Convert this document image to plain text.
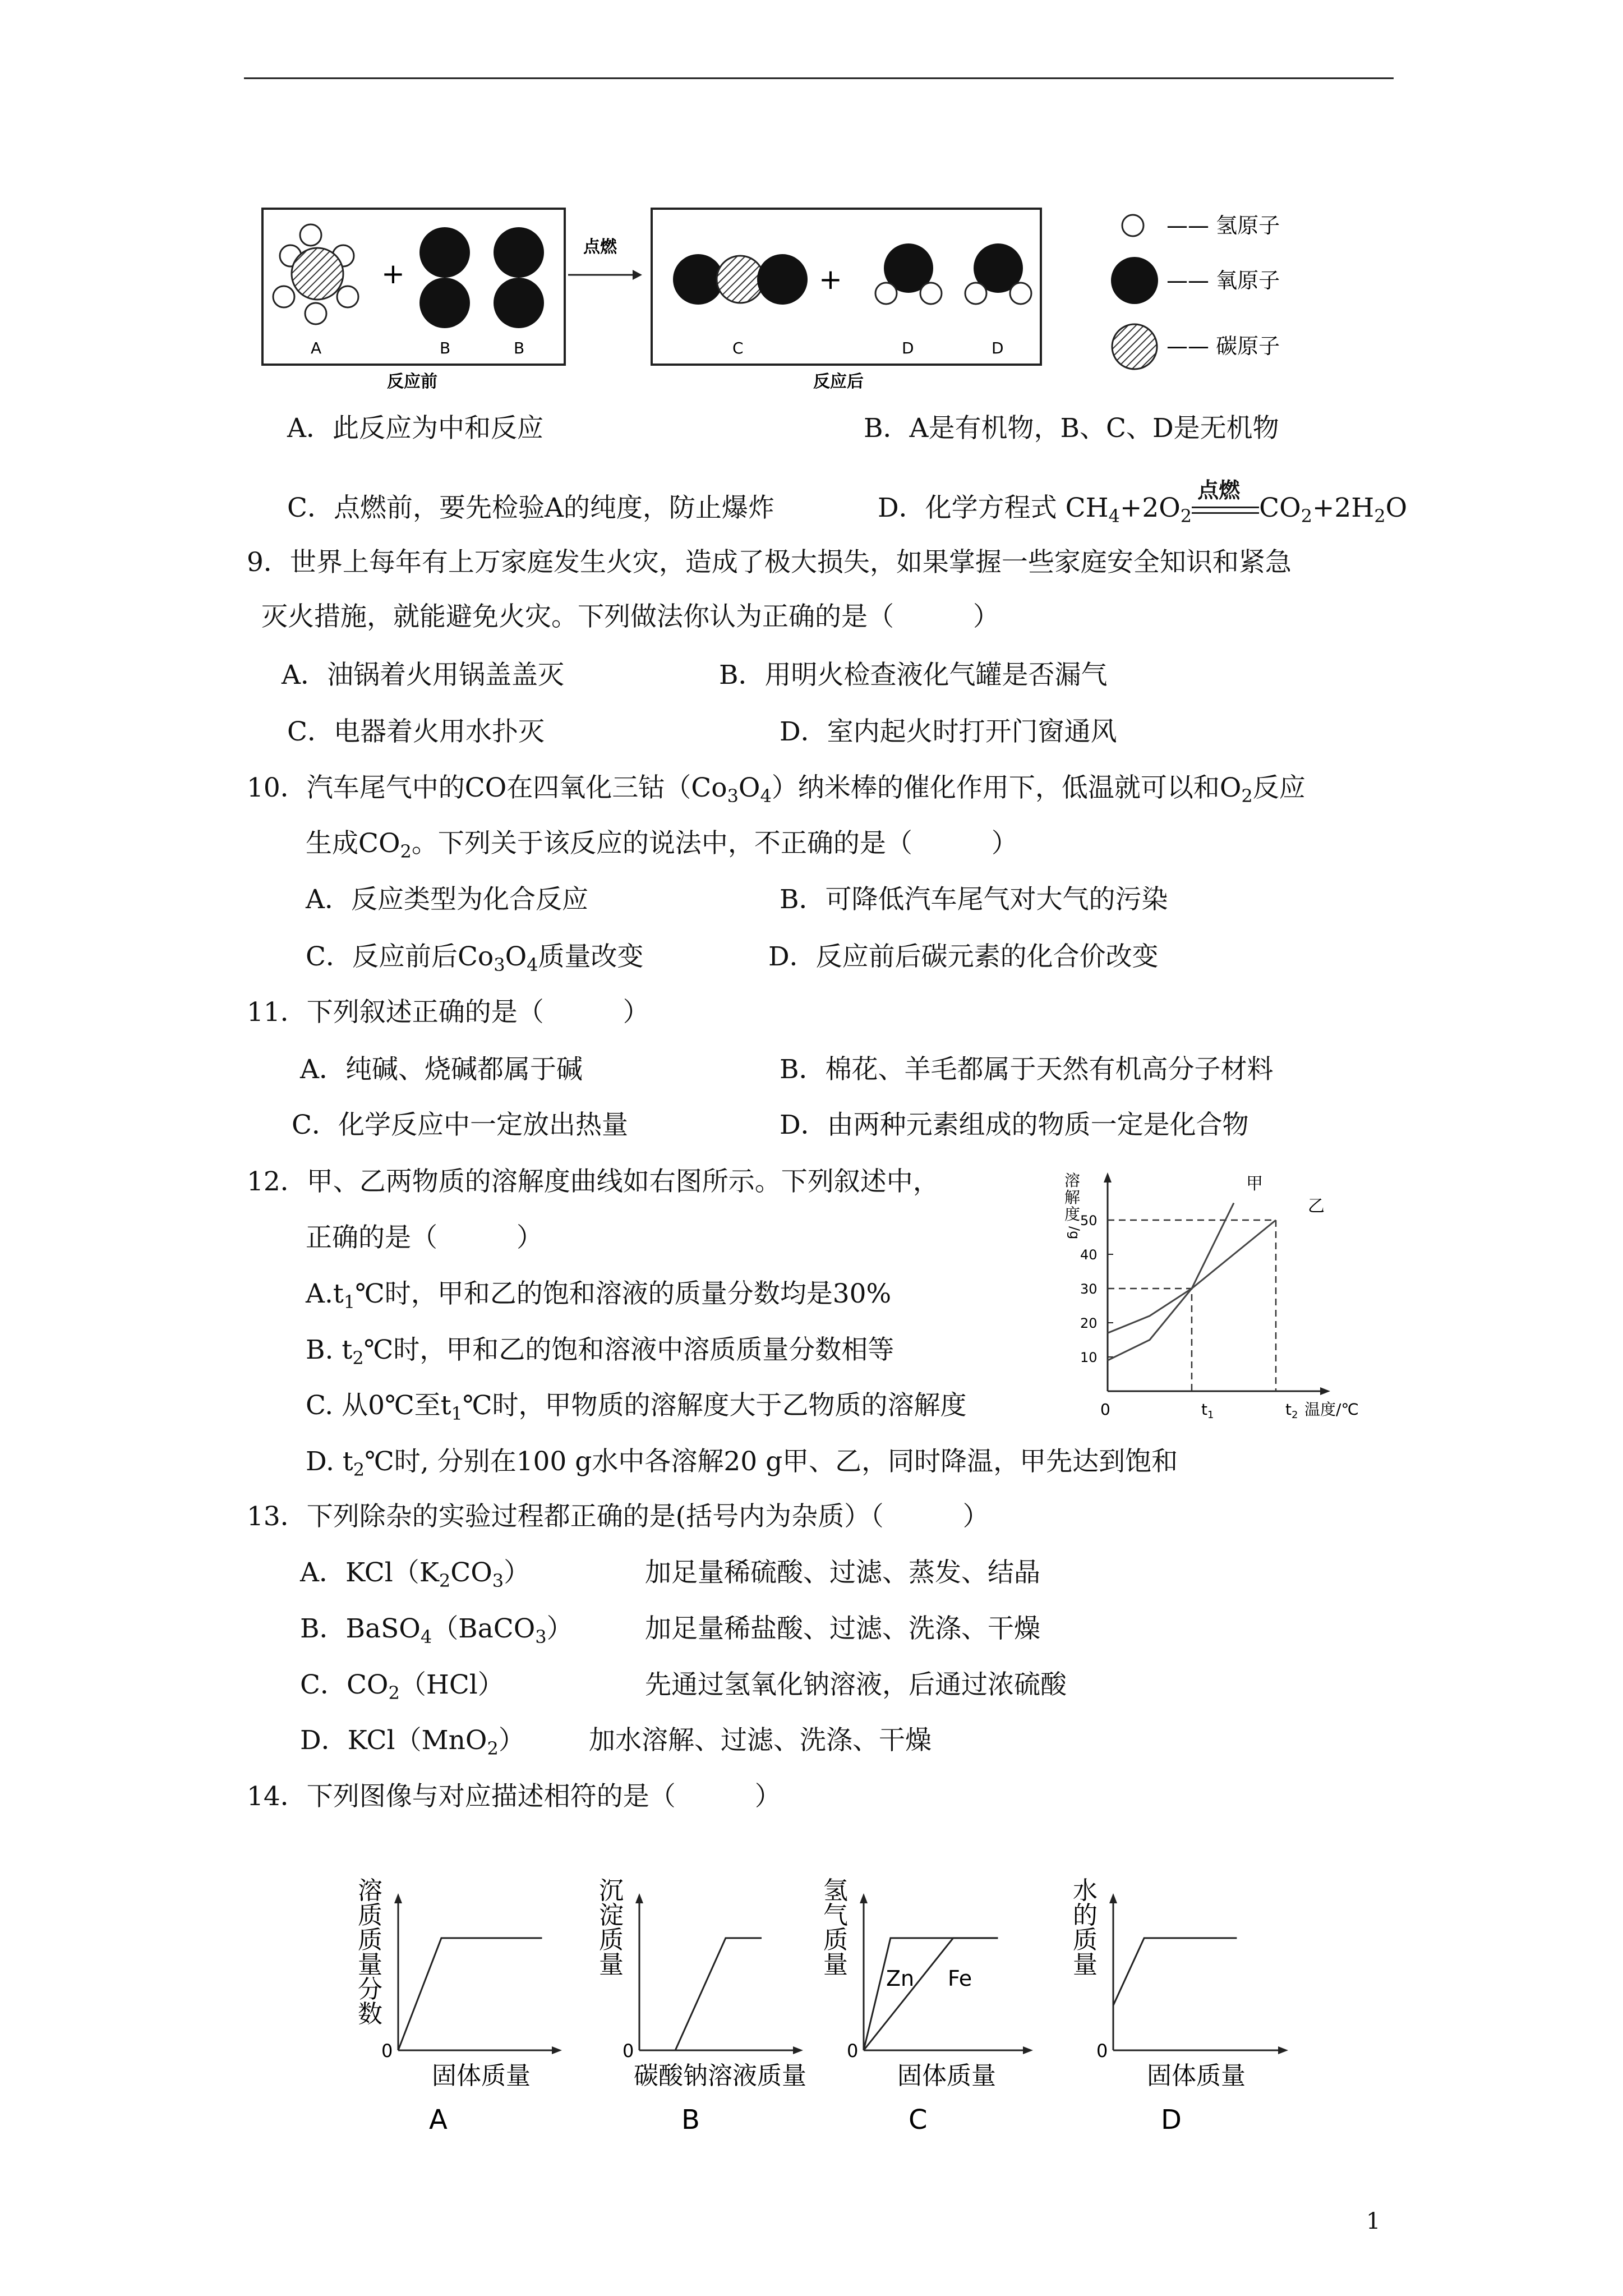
+
点燃
+
A	B	B	C	D	D
反应前	反应后
—— 氢原子
—— 氧原子
—— 碳原子
A．此反应为中和反应	B．A是有机物，B、C、D是无机物
C．点燃前，要先检验A的纯度，防止爆炸	D．化学方程式 $CH_4+2O_2$
点燃
$CO_2+2H_2O$
9．世界上每年有上万家庭发生火灾，造成了极大损失，如果掌握一些家庭安全知识和紧急
灭火措施，就能避免火灾。下列做法你认为正确的是（　　　）
A．油锅着火用锅盖盖灭	B．用明火检查液化气罐是否漏气
C．电器着火用水扑灭	D．室内起火时打开门窗通风
10．汽车尾气中的CO在四氧化三钴$(Co_3O_4)$纳米棒的催化作用下，低温就可以和$O_2$反应
生成$CO_2$。下列关于该反应的说法中，不正确的是（　　　）
A．反应类型为化合反应	B．可降低汽车尾气对大气的污染
C．反应前后$Co_3O_4$质量改变	D．反应前后碳元素的化合价改变
11．下列叙述正确的是（　　　）
A．纯碱、烧碱都属于碱	B．棉花、羊毛都属于天然有机高分子材料
C．化学反应中一定放出热量	D．由两种元素组成的物质一定是化合物
12．甲、乙两物质的溶解度曲线如右图所示。下列叙述中，
正确的是（　　　）
$A.t_1℃$时，甲和乙的饱和溶液的质量分数均是30%
B. $t_2℃$时，甲和乙的饱和溶液中溶质质量分数相等
C. 从0℃至$t_1℃$时，甲物质的溶解度大于乙物质的溶解度
D. $t_2℃$时, 分别在100 g水中各溶解20 g甲、乙，同时降温，甲先达到饱和
溶
解
度
/g
50
40
30
20
10
甲
乙
0	$t_1$	$t_2$ 温度/℃
13．下列除杂的实验过程都正确的是(括号内为杂质）（　　　）
A．$KCl(K_2CO_3)$	加足量稀硫酸、过滤、蒸发、结晶
B．BaSO$_4$（BaCO$_3$）	加足量稀盐酸、过滤、洗涤、干燥
C．$CO_2(HCl)$	先通过氢氧化钠溶液，后通过浓硫酸
D．KCl（MnO$_2$） 加水溶解、过滤、洗涤、干燥
14．下列图像与对应描述相符的是（　　　）
0
溶
质
质
量
分
数
固体质量
A
0
沉
淀
质
量
碳酸钠溶液质量
B
0
氢
气
质
量
固体质量
C
Zn Fe
0
水
的
质
量
固体质量
D
1
